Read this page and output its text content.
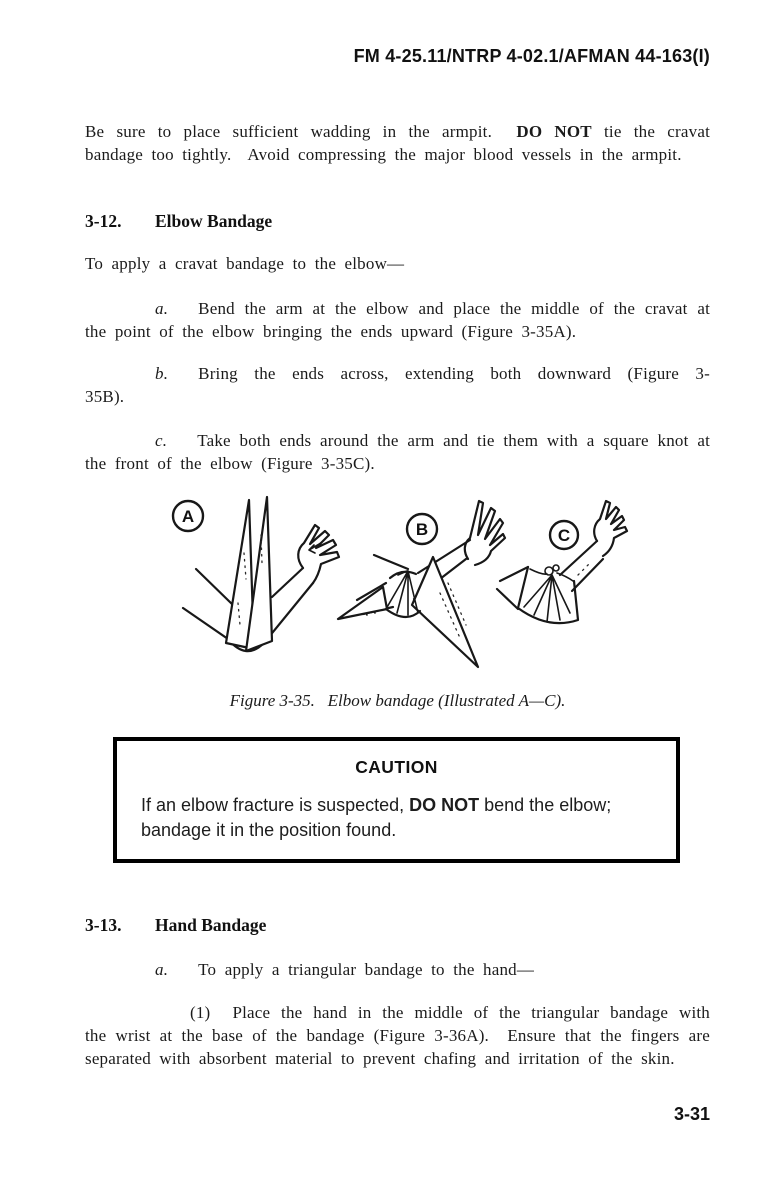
FM 4-25.11/NTRP 4-02.1/AFMAN 44-163(I)

Be sure to place sufficient wadding in the armpit.  DO NOT tie the cravat bandage too tightly.  Avoid compressing the major blood vessels in the armpit.

3-12. Elbow Bandage

To apply a cravat bandage to the elbow—

a. Bend the arm at the elbow and place the middle of the cravat at the point of the elbow bringing the ends upward (Figure 3-35A).

b. Bring the ends across, extending both downward (Figure 3-
35B).

c. Take both ends around the arm and tie them with a square knot at the front of the elbow (Figure 3-35C).

A
B	C
Figure 3-35.   Elbow bandage (Illustrated A—C).
CAUTION
If an elbow fracture is suspected, DO NOT bend the elbow; bandage it in the position found.
3-13. Hand Bandage

a. To apply a triangular bandage to the hand—

(1) Place the hand in the middle of the triangular bandage with the wrist at the base of the bandage (Figure 3-36A).  Ensure that the fingers are separated with absorbent material to prevent chafing and irritation of the skin.

3-31
